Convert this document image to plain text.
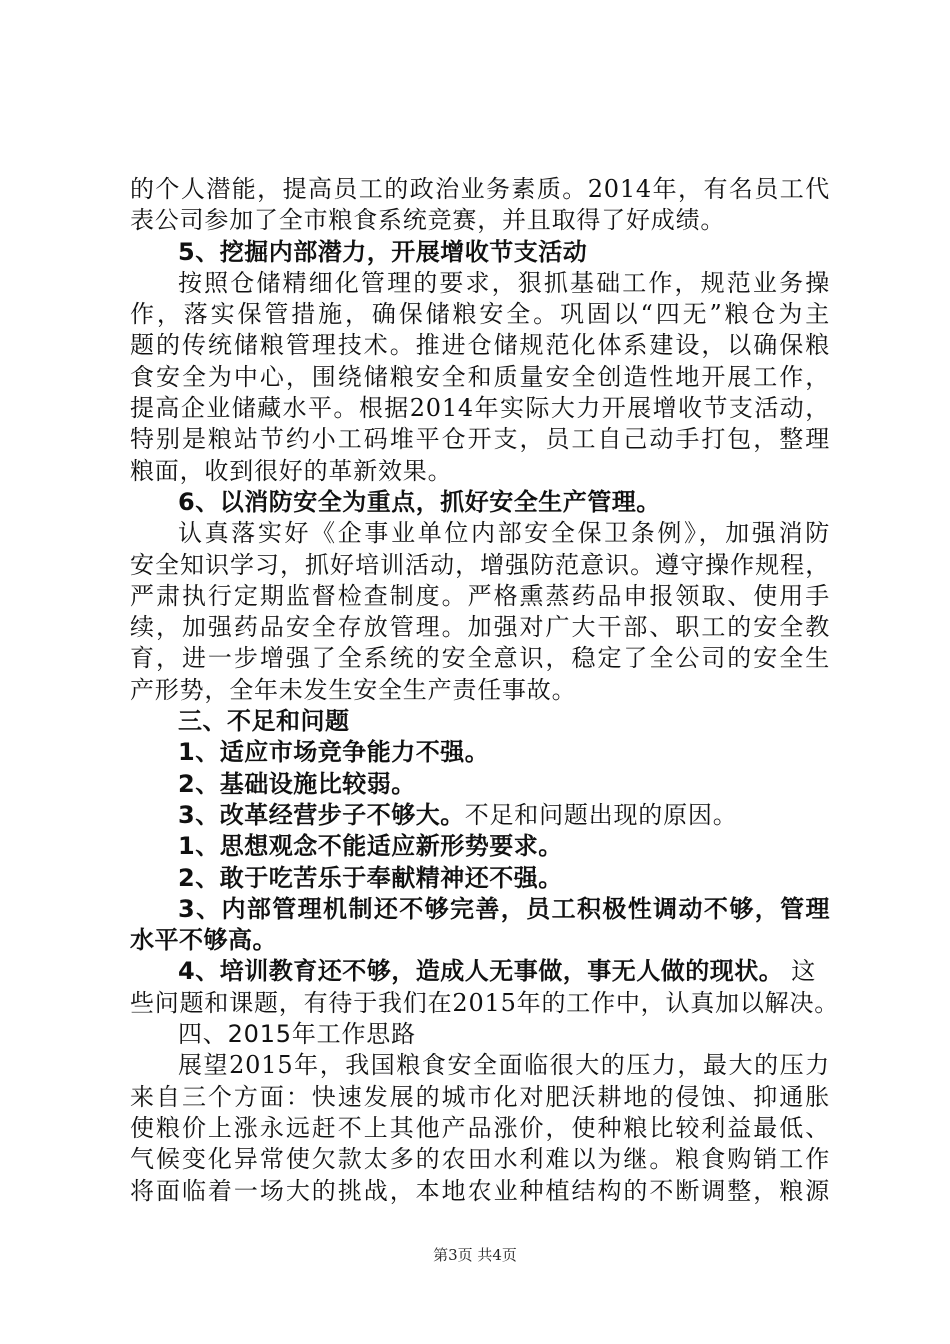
的个人潜能，提高员工的政治业务素质。2014年，有名员工代
表公司参加了全市粮食系统竞赛，并且取得了好成绩。
5、挖掘内部潜力，开展增收节支活动
按照仓储精细化管理的要求，狠抓基础工作，规范业务操
作，落实保管措施，确保储粮安全。巩固以“四无”粮仓为主
题的传统储粮管理技术。推进仓储规范化体系建设，以确保粮
食安全为中心，围绕储粮安全和质量安全创造性地开展工作，
提高企业储藏水平。根据2014年实际大力开展增收节支活动，
特别是粮站节约小工码堆平仓开支，员工自己动手打包，整理
粮面，收到很好的革新效果。
6、以消防安全为重点，抓好安全生产管理。
认真落实好《企事业单位内部安全保卫条例》，加强消防
安全知识学习，抓好培训活动，增强防范意识。遵守操作规程，
严肃执行定期监督检查制度。严格熏蒸药品申报领取、使用手
续，加强药品安全存放管理。加强对广大干部、职工的安全教
育，进一步增强了全系统的安全意识，稳定了全公司的安全生
产形势，全年未发生安全生产责任事故。
三、不足和问题
1、适应市场竞争能力不强。
2、基础设施比较弱。
3、改革经营步子不够大。不足和问题出现的原因。
1、思想观念不能适应新形势要求。
2、敢于吃苦乐于奉献精神还不强。
3、内部管理机制还不够完善，员工积极性调动不够，管理
水平不够高。
4、培训教育还不够，造成人无事做，事无人做的现状。 这
些问题和课题，有待于我们在2015年的工作中，认真加以解决。
四、2015年工作思路
展望2015年，我国粮食安全面临很大的压力，最大的压力
来自三个方面：快速发展的城市化对肥沃耕地的侵蚀、抑通胀
使粮价上涨永远赶不上其他产品涨价，使种粮比较利益最低、
气候变化异常使欠款太多的农田水利难以为继。粮食购销工作
将面临着一场大的挑战，本地农业种植结构的不断调整，粮源
第3页 共4页
